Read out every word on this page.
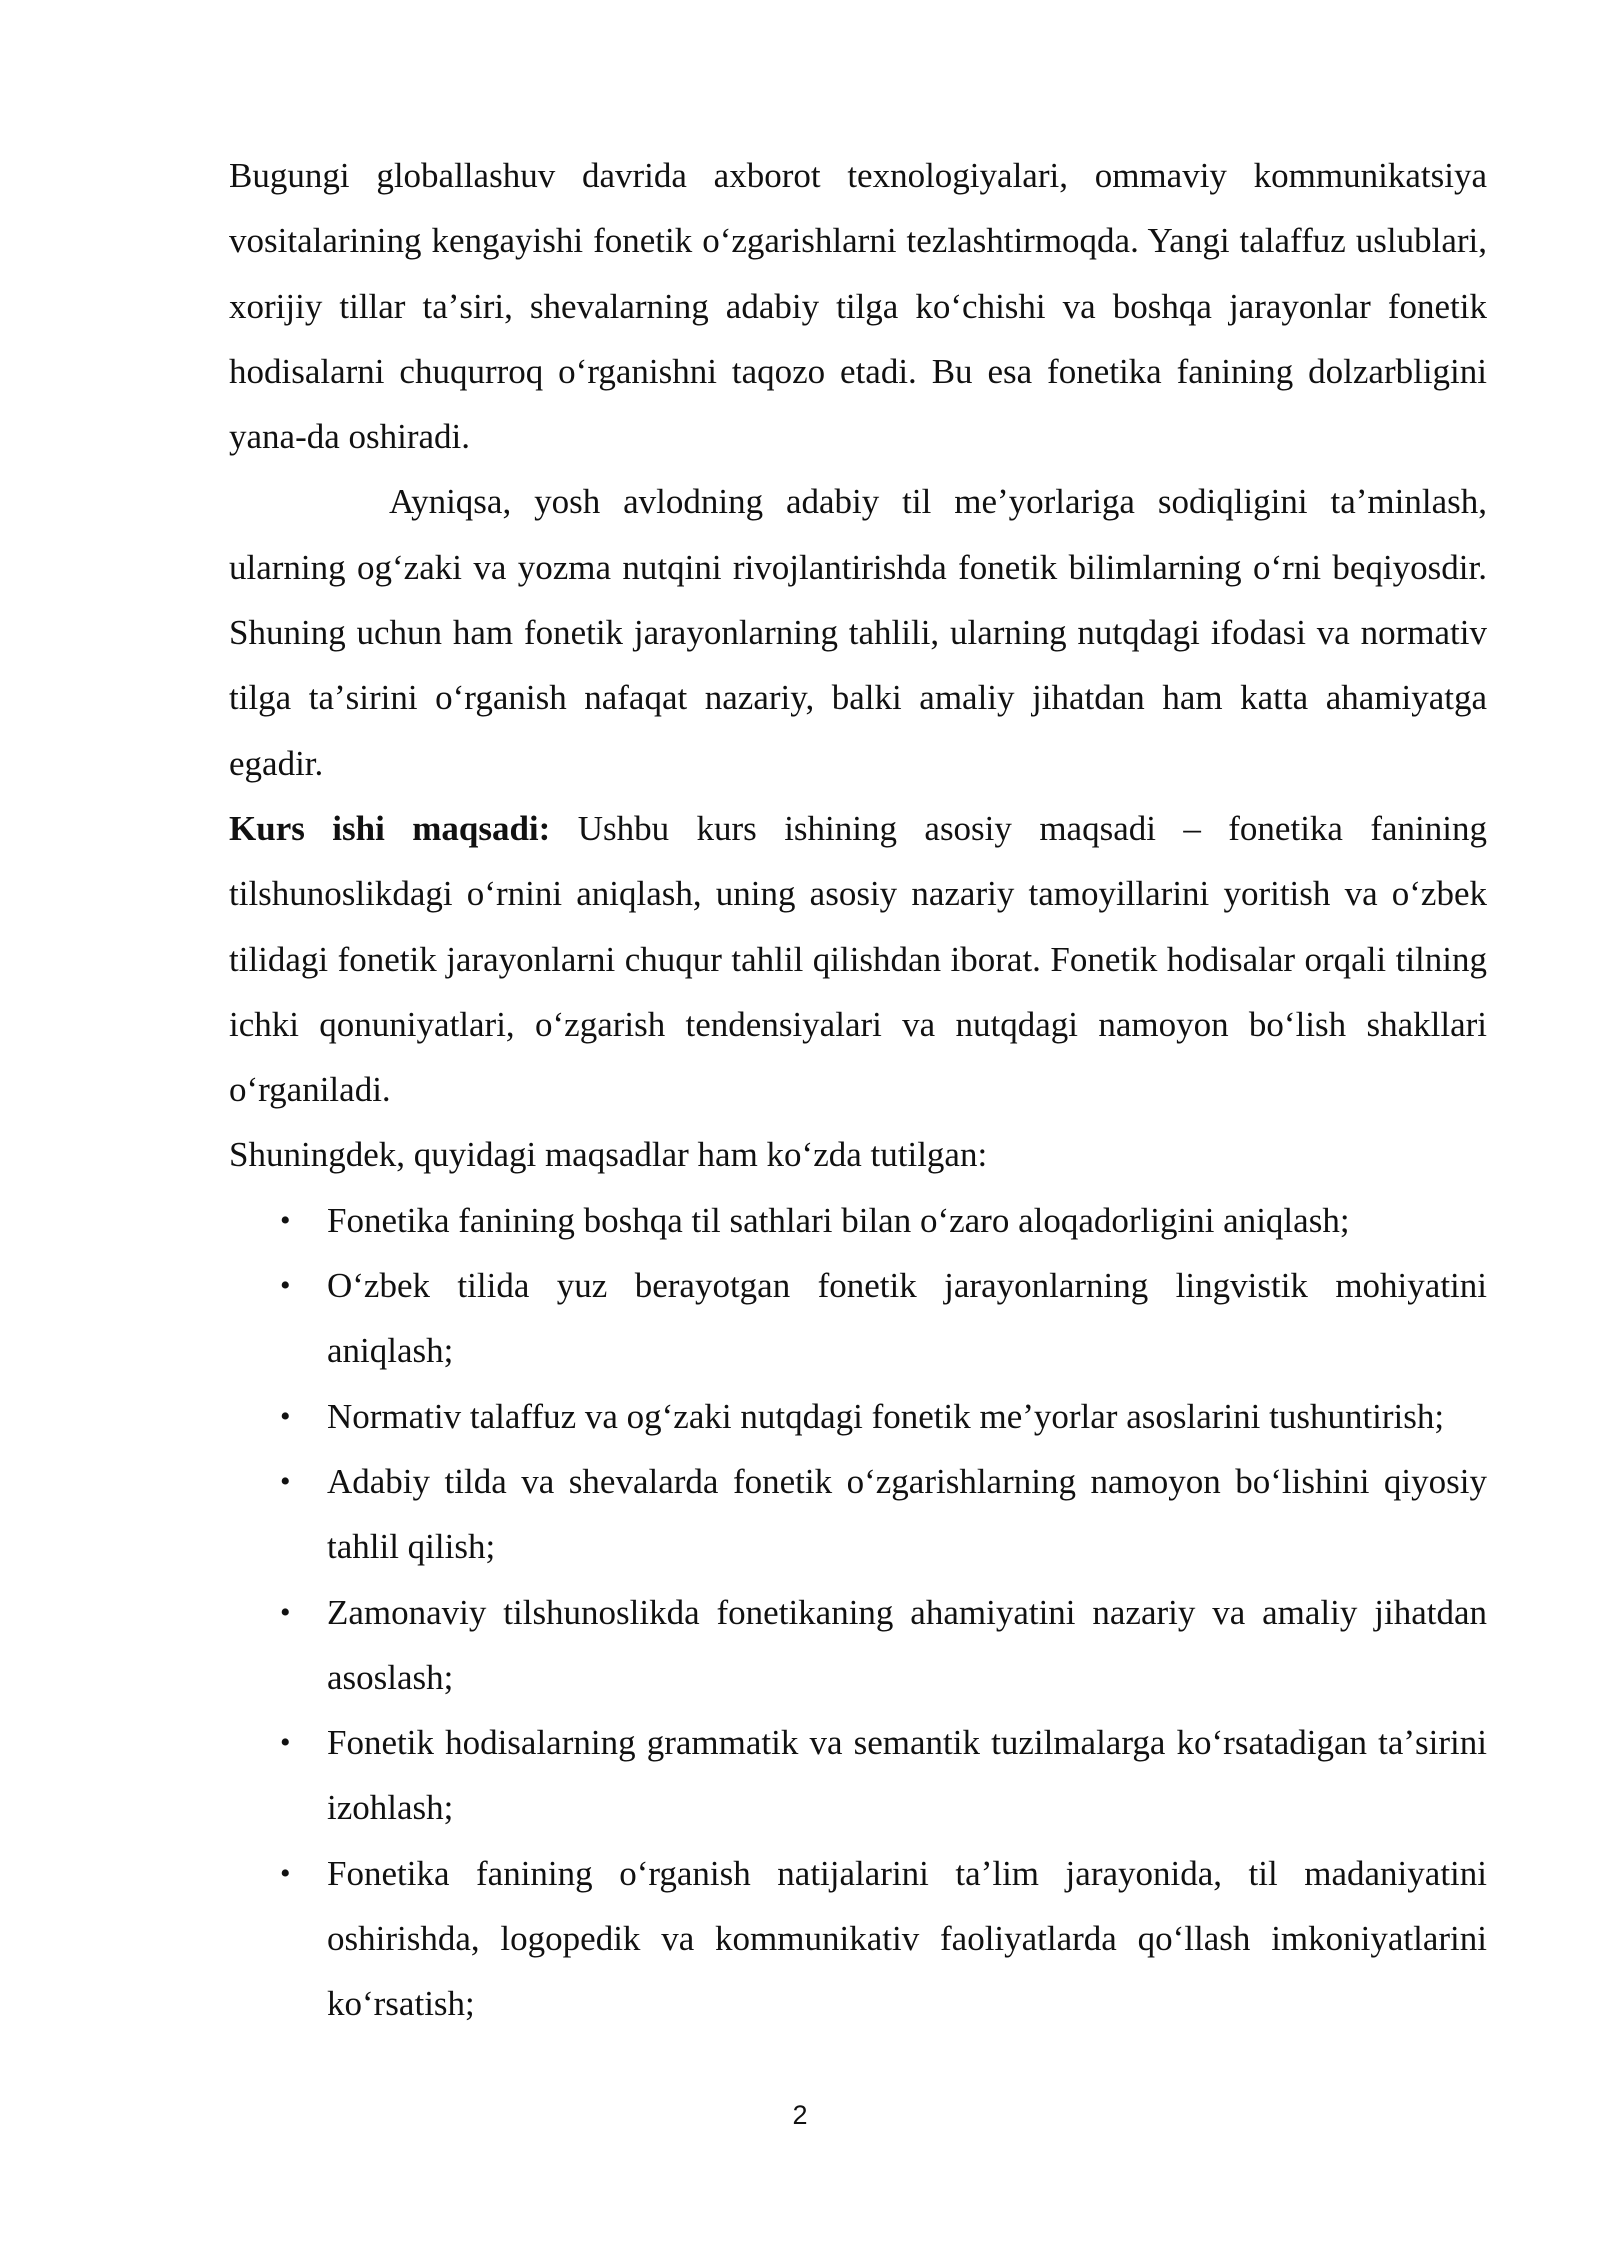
Bugungi globallashuv davrida axborot texnologiyalari, ommaviy kommunikatsiya vositalarining kengayishi fonetik oʻzgarishlarni tezlashtirmoqda. Yangi talaffuz uslublari, xorijiy tillar taʼsiri, shevalarning adabiy tilga koʻchishi va boshqa jarayonlar fonetik hodisalarni chuqurroq oʻrganishni taqozo etadi. Bu esa fonetika fanining dolzarbligini yana-da oshiradi.

Ayniqsa, yosh avlodning adabiy til meʼyorlariga sodiqligini taʼminlash, ularning ogʻzaki va yozma nutqini rivojlantirishda fonetik bilimlarning oʻrni beqiyosdir. Shuning uchun ham fonetik jarayonlarning tahlili, ularning nutqdagi ifodasi va normativ tilga taʼsirini oʻrganish nafaqat nazariy, balki amaliy jihatdan ham katta ahamiyatga egadir.

Kurs ishi maqsadi: Ushbu kurs ishining asosiy maqsadi – fonetika fanining tilshunoslikdagi oʻrnini aniqlash, uning asosiy nazariy tamoyillarini yoritish va oʻzbek tilidagi fonetik jarayonlarni chuqur tahlil qilishdan iborat. Fonetik hodisalar orqali tilning ichki qonuniyatlari, oʻzgarish tendensiyalari va nutqdagi namoyon boʻlish shakllari oʻrganiladi.

Shuningdek, quyidagi maqsadlar ham koʻzda tutilgan:

• Fonetika fanining boshqa til sathlari bilan oʻzaro aloqadorligini aniqlash;
• Oʻzbek tilida yuz berayotgan fonetik jarayonlarning lingvistik mohiyatini aniqlash;
• Normativ talaffuz va ogʻzaki nutqdagi fonetik meʼyorlar asoslarini tushuntirish;
• Adabiy tilda va shevalarda fonetik oʻzgarishlarning namoyon boʻlishini qiyosiy tahlil qilish;
• Zamonaviy tilshunoslikda fonetikaning ahamiyatini nazariy va amaliy jihatdan asoslash;
• Fonetik hodisalarning grammatik va semantik tuzilmalarga koʻrsatadigan taʼsirini izohlash;
• Fonetika fanining oʻrganish natijalarini taʼlim jarayonida, til madaniyatini oshirishda, logopedik va kommunikativ faoliyatlarda qoʻllash imkoniyatlarini koʻrsatish;
2
